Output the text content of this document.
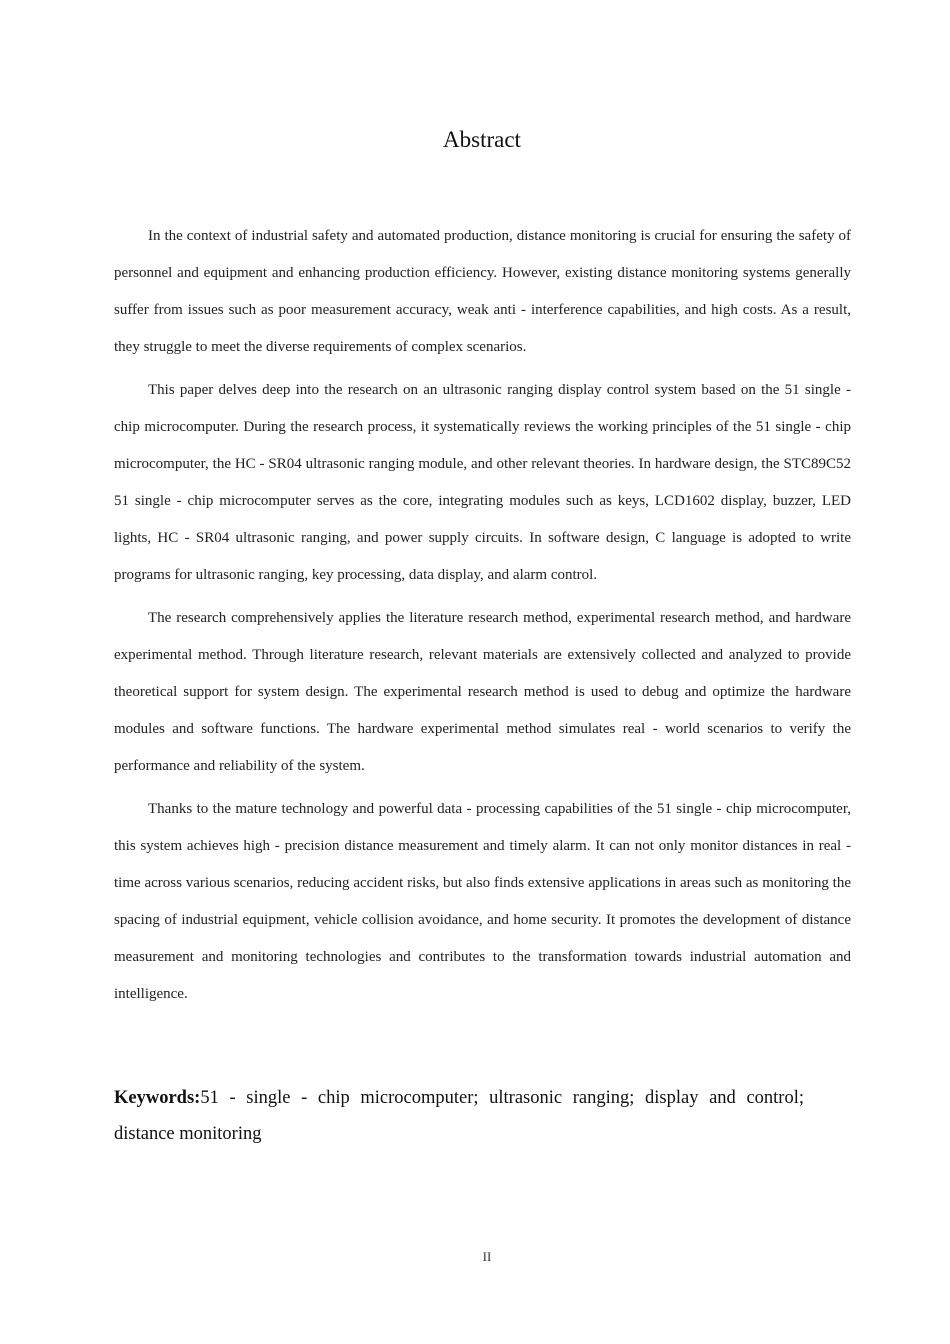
Abstract

In the context of industrial safety and automated production, distance monitoring is crucial for ensuring the safety of personnel and equipment and enhancing production efficiency. However, existing distance monitoring systems generally suffer from issues such as poor measurement accuracy, weak anti - interference capabilities, and high costs. As a result, they struggle to meet the diverse requirements of complex scenarios.

This paper delves deep into the research on an ultrasonic ranging display control system based on the 51 single - chip microcomputer. During the research process, it systematically reviews the working principles of the 51 single - chip microcomputer, the HC - SR04 ultrasonic ranging module, and other relevant theories. In hardware design, the STC89C52 51 single - chip microcomputer serves as the core, integrating modules such as keys, LCD1602 display, buzzer, LED lights, HC - SR04 ultrasonic ranging, and power supply circuits. In software design, C language is adopted to write programs for ultrasonic ranging, key processing, data display, and alarm control.

The research comprehensively applies the literature research method, experimental research method, and hardware experimental method. Through literature research, relevant materials are extensively collected and analyzed to provide theoretical support for system design. The experimental research method is used to debug and optimize the hardware modules and software functions. The hardware experimental method simulates real - world scenarios to verify the performance and reliability of the system.

Thanks to the mature technology and powerful data - processing capabilities of the 51 single - chip microcomputer, this system achieves high - precision distance measurement and timely alarm. It can not only monitor distances in real - time across various scenarios, reducing accident risks, but also finds extensive applications in areas such as monitoring the spacing of industrial equipment, vehicle collision avoidance, and home security. It promotes the development of distance measurement and monitoring technologies and contributes to the transformation towards industrial automation and intelligence.

Keywords:51 - single - chip microcomputer; ultrasonic ranging; display and control; distance monitoring
II
